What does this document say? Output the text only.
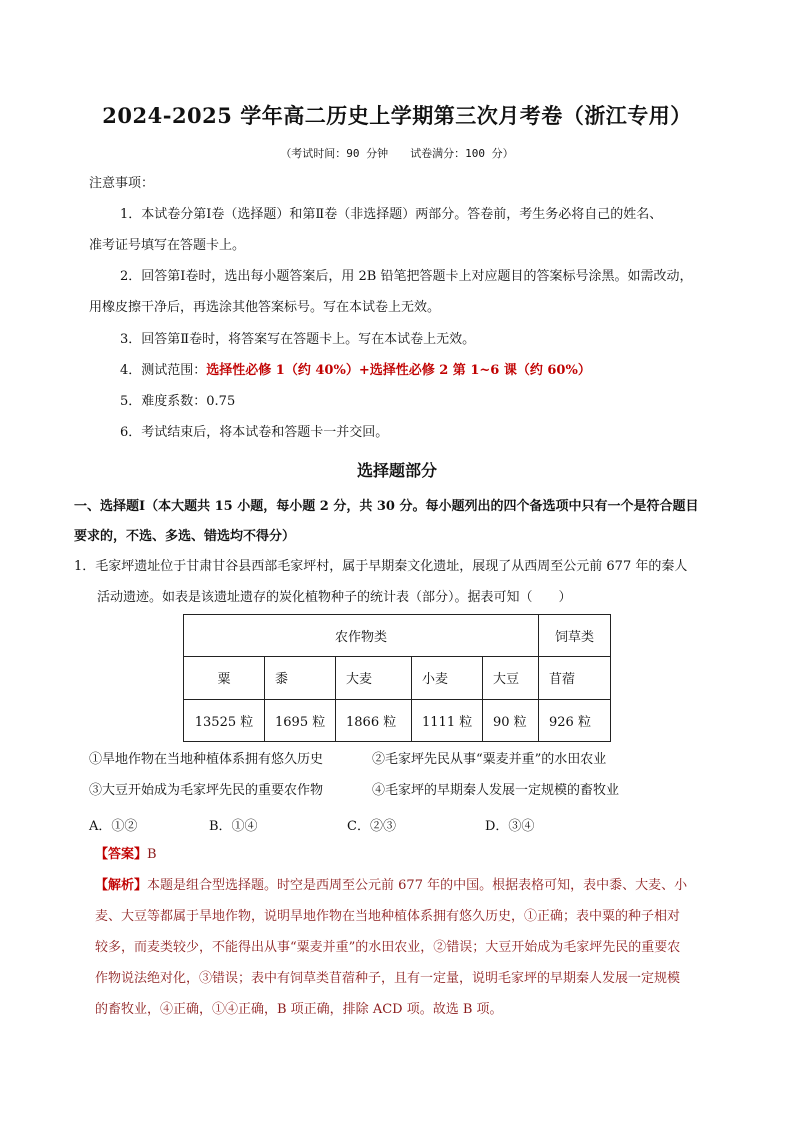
2024-2025 学年高二历史上学期第三次月考卷（浙江专用）
（考试时间：90 分钟 试卷满分：100 分）
注意事项：
1．本试卷分第Ⅰ卷（选择题）和第Ⅱ卷（非选择题）两部分。答卷前，考生务必将自己的姓名、
准考证号填写在答题卡上。
2．回答第Ⅰ卷时，选出每小题答案后，用 2B 铅笔把答题卡上对应题目的答案标号涂黑。如需改动，
用橡皮擦干净后，再选涂其他答案标号。写在本试卷上无效。
3．回答第Ⅱ卷时，将答案写在答题卡上。写在本试卷上无效。
4．测试范围：选择性必修 1（约 40%）+选择性必修 2 第 1~6 课（约 60%）
5．难度系数：0.75
6．考试结束后，将本试卷和答题卡一并交回。
选择题部分
一、选择题Ⅰ（本大题共 15 小题，每小题 2 分，共 30 分。每小题列出的四个备选项中只有一个是符合题目
要求的，不选、多选、错选均不得分）
1．毛家坪遗址位于甘肃甘谷县西部毛家坪村，属于早期秦文化遗址，展现了从西周至公元前 677 年的秦人
活动遗迹。如表是该遗址遗存的炭化植物种子的统计表（部分）。据表可知（　　）
农作物类					饲草类
粟	黍	大麦	小麦	大豆	苜蓿
13525 粒	1695 粒	1866 粒	1111 粒	90 粒	926 粒
①旱地作物在当地种植体系拥有悠久历史	②毛家坪先民从事“粟麦并重”的水田农业
③大豆开始成为毛家坪先民的重要农作物	④毛家坪的早期秦人发展一定规模的畜牧业
A．①②	B．①④	C．②③	D．③④
【答案】B
【解析】本题是组合型选择题。时空是西周至公元前 677 年的中国。根据表格可知，表中黍、大麦、小
麦、大豆等都属于旱地作物，说明旱地作物在当地种植体系拥有悠久历史，①正确；表中粟的种子相对
较多，而麦类较少，不能得出从事“粟麦并重”的水田农业，②错误；大豆开始成为毛家坪先民的重要农
作物说法绝对化，③错误；表中有饲草类苜蓿种子，且有一定量，说明毛家坪的早期秦人发展一定规模
的畜牧业，④正确，①④正确，B 项正确，排除 ACD 项。故选 B 项。
